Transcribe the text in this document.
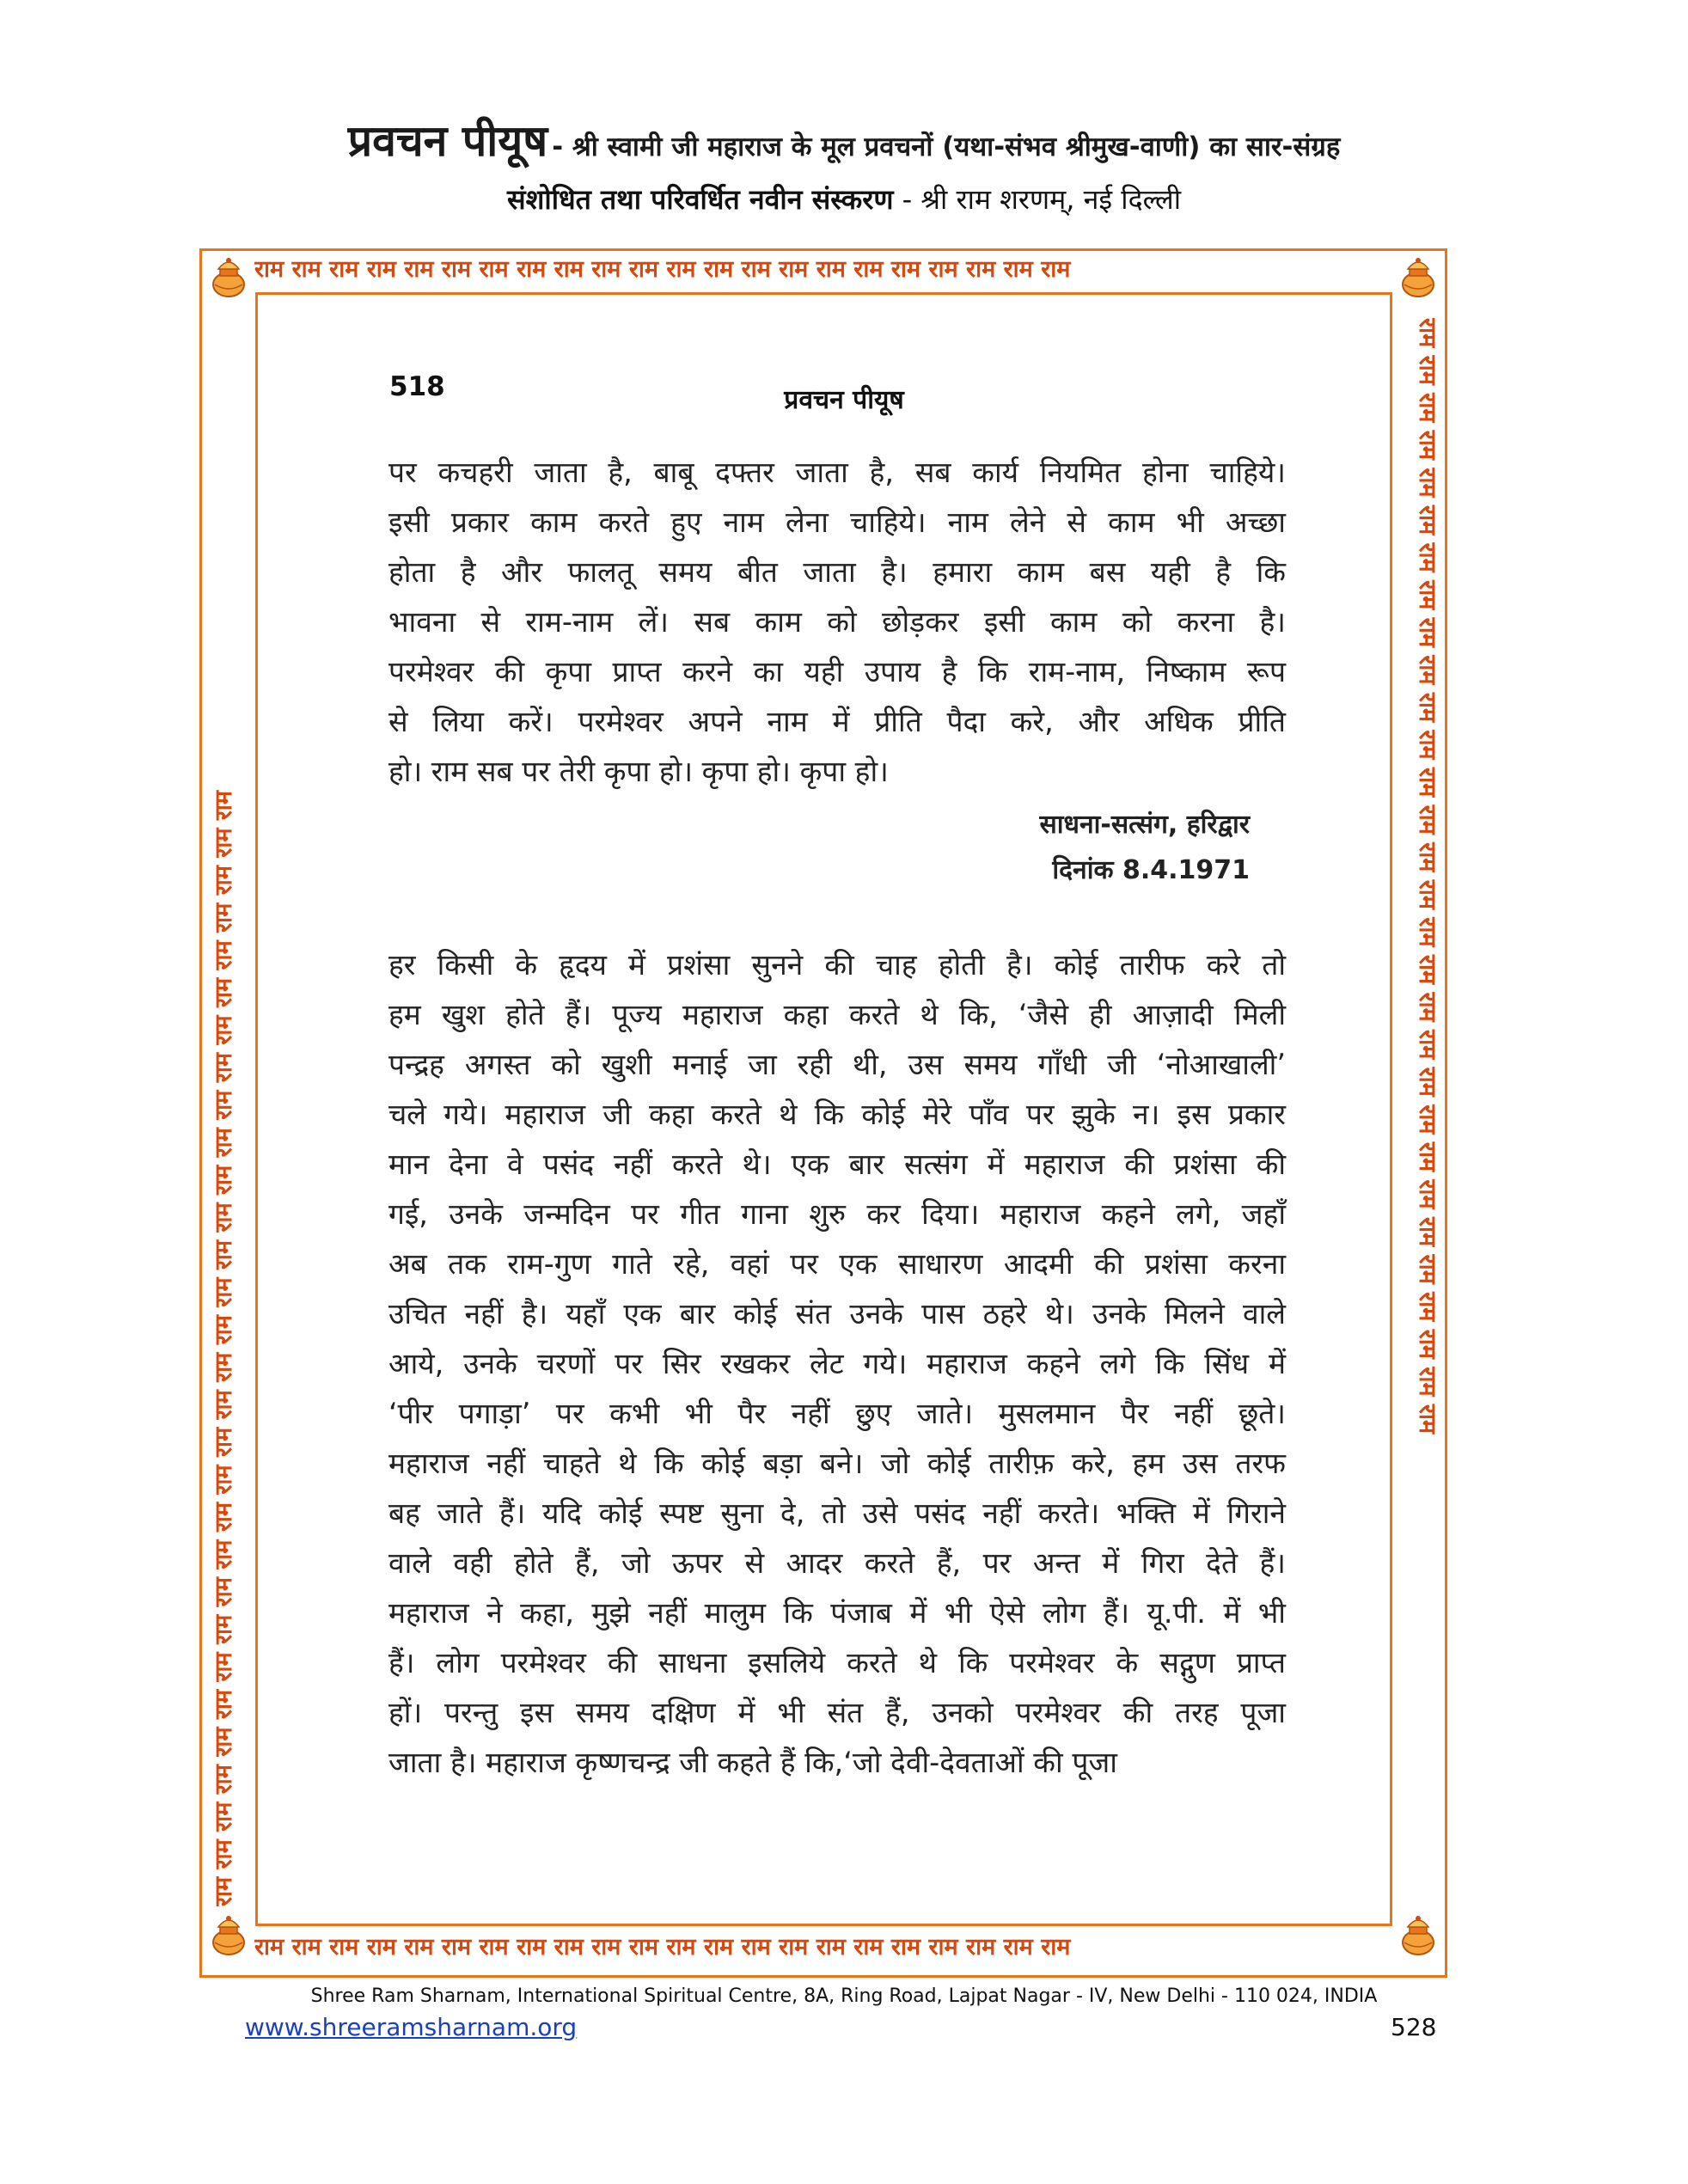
प्रवचन पीयूष - श्री स्वामी जी महाराज के मूल प्रवचनों (यथा-संभव श्रीमुख-वाणी) का सार-संग्रह
संशोधित तथा परिवर्धित नवीन संस्करण - श्री राम शरणम्, नई दिल्ली
राम राम राम राम राम राम राम राम राम राम राम राम राम राम राम राम राम राम राम राम राम राम
राम राम राम राम राम राम राम राम राम राम राम राम राम राम राम राम राम राम राम राम राम राम
राम राम राम राम राम राम राम राम राम राम राम राम राम राम राम राम राम राम राम राम राम राम राम राम राम राम राम राम राम राम	राम राम राम राम राम राम राम राम राम राम राम राम राम राम राम राम राम राम राम राम राम राम राम राम राम राम राम राम राम राम
518	प्रवचन पीयूष
पर कचहरी जाता है, बाबू दफ्तर जाता है, सब कार्य नियमित होना चाहिये।
इसी प्रकार काम करते हुए नाम लेना चाहिये। नाम लेने से काम भी अच्छा
होता है और फालतू समय बीत जाता है। हमारा काम बस यही है कि
भावना से राम-नाम लें। सब काम को छोड़कर इसी काम को करना है।
परमेश्वर की कृपा प्राप्त करने का यही उपाय है कि राम-नाम, निष्काम रूप
से लिया करें। परमेश्वर अपने नाम में प्रीति पैदा करे, और अधिक प्रीति
हो। राम सब पर तेरी कृपा हो। कृपा हो। कृपा हो।
साधना-सत्संग, हरिद्वार
दिनांक 8.4.1971
हर किसी के हृदय में प्रशंसा सुनने की चाह होती है। कोई तारीफ करे तो
हम खुश होते हैं। पूज्य महाराज कहा करते थे कि, ‘जैसे ही आज़ादी मिली
पन्द्रह अगस्त को खुशी मनाई जा रही थी, उस समय गाँधी जी ‘नोआखाली’
चले गये। महाराज जी कहा करते थे कि कोई मेरे पाँव पर झुके न। इस प्रकार
मान देना वे पसंद नहीं करते थे। एक बार सत्संग में महाराज की प्रशंसा की
गई, उनके जन्मदिन पर गीत गाना शुरु कर दिया। महाराज कहने लगे, जहाँ
अब तक राम-गुण गाते रहे, वहां पर एक साधारण आदमी की प्रशंसा करना
उचित नहीं है। यहाँ एक बार कोई संत उनके पास ठहरे थे। उनके मिलने वाले
आये, उनके चरणों पर सिर रखकर लेट गये। महाराज कहने लगे कि सिंध में
‘पीर पगाड़ा’ पर कभी भी पैर नहीं छुए जाते। मुसलमान पैर नहीं छूते।
महाराज नहीं चाहते थे कि कोई बड़ा बने। जो कोई तारीफ़ करे, हम उस तरफ
बह जाते हैं। यदि कोई स्पष्ट सुना दे, तो उसे पसंद नहीं करते। भक्ति में गिराने
वाले वही होते हैं, जो ऊपर से आदर करते हैं, पर अन्त में गिरा देते हैं।
महाराज ने कहा, मुझे नहीं मालुम कि पंजाब में भी ऐसे लोग हैं। यू.पी. में भी
हैं। लोग परमेश्वर की साधना इसलिये करते थे कि परमेश्वर के सद्गुण प्राप्त
हों। परन्तु इस समय दक्षिण में भी संत हैं, उनको परमेश्वर की तरह पूजा
जाता है। महाराज कृष्णचन्द्र जी कहते हैं कि,‘जो देवी-देवताओं की पूजा
Shree Ram Sharnam, International Spiritual Centre, 8A, Ring Road, Lajpat Nagar - IV, New Delhi - 110 024, INDIA
www.shreeramsharnam.org	528
